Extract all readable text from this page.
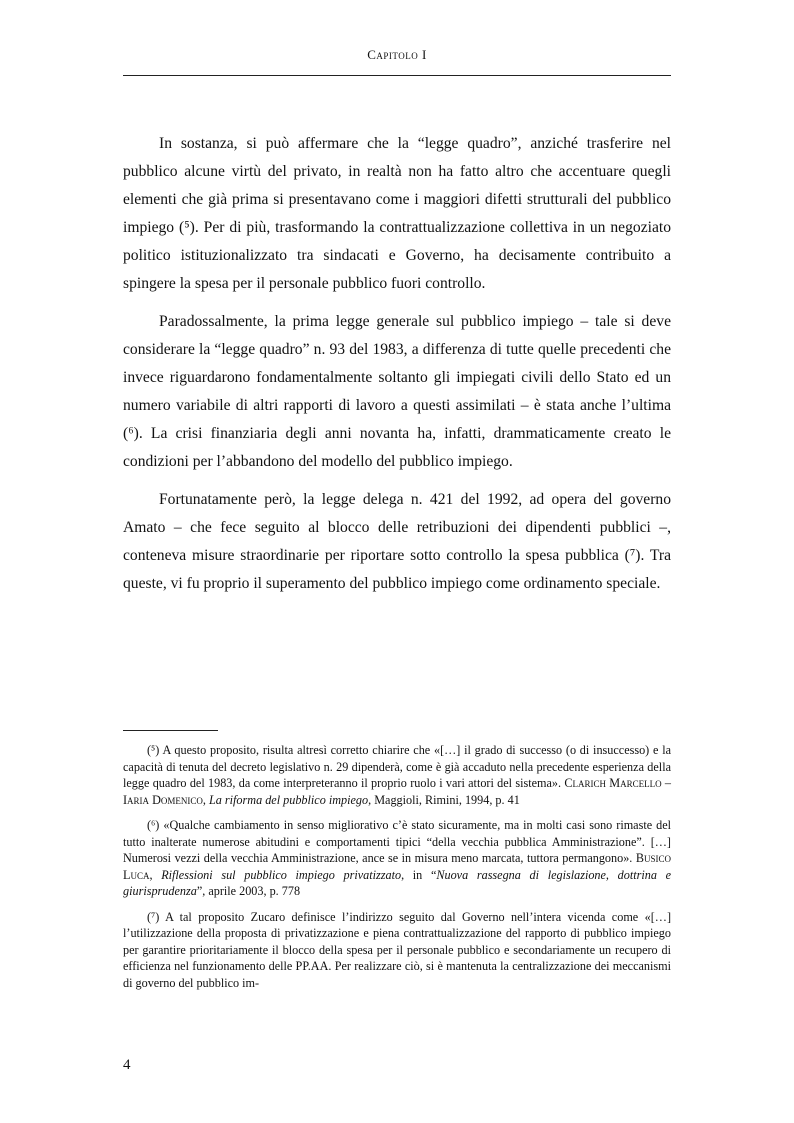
Capitolo I

In sostanza, si può affermare che la “legge quadro”, anziché trasferire nel pubblico alcune virtù del privato, in realtà non ha fatto altro che accentuare quegli elementi che già prima si presentavano come i maggiori difetti strutturali del pubblico impiego (⁵). Per di più, trasformando la contrattualizzazione collettiva in un negoziato politico istituzionalizzato tra sindacati e Governo, ha decisamente contribuito a spingere la spesa per il personale pubblico fuori controllo.

Paradossalmente, la prima legge generale sul pubblico impiego – tale si deve considerare la “legge quadro” n. 93 del 1983, a differenza di tutte quelle precedenti che invece riguardarono fondamentalmente soltanto gli impiegati civili dello Stato ed un numero variabile di altri rapporti di lavoro a questi assimilati – è stata anche l’ultima (⁶). La crisi finanziaria degli anni novanta ha, infatti, drammaticamente creato le condizioni per l’abbandono del modello del pubblico impiego.

Fortunatamente però, la legge delega n. 421 del 1992, ad opera del governo Amato – che fece seguito al blocco delle retribuzioni dei dipendenti pubblici –, conteneva misure straordinarie per riportare sotto controllo la spesa pubblica (⁷). Tra queste, vi fu proprio il superamento del pubblico impiego come ordinamento speciale.

(⁵) A questo proposito, risulta altresì corretto chiarire che «[…] il grado di successo (o di insuccesso) e la capacità di tenuta del decreto legislativo n. 29 dipenderà, come è già accaduto nella precedente esperienza della legge quadro del 1983, da come interpreteranno il proprio ruolo i vari attori del sistema». Clarich Marcello – Iaria Domenico, La riforma del pubblico impiego, Maggioli, Rimini, 1994, p. 41

(⁶) «Qualche cambiamento in senso migliorativo c’è stato sicuramente, ma in molti casi sono rimaste del tutto inalterate numerose abitudini e comportamenti tipici “della vecchia pubblica Amministrazione”. […] Numerosi vezzi della vecchia Amministrazione, ance se in misura meno marcata, tuttora permangono». Busico Luca, Riflessioni sul pubblico impiego privatizzato, in “Nuova rassegna di legislazione, dottrina e giurisprudenza”, aprile 2003, p. 778

(⁷) A tal proposito Zucaro definisce l’indirizzo seguito dal Governo nell’intera vicenda come «[…] l’utilizzazione della proposta di privatizzazione e piena contrattualizzazione del rapporto di pubblico impiego per garantire prioritariamente il blocco della spesa per il personale pubblico e secondariamente un recupero di efficienza nel funzionamento delle PP.AA. Per realizzare ciò, si è mantenuta la centralizzazione dei meccanismi di governo del pubblico im-

4
